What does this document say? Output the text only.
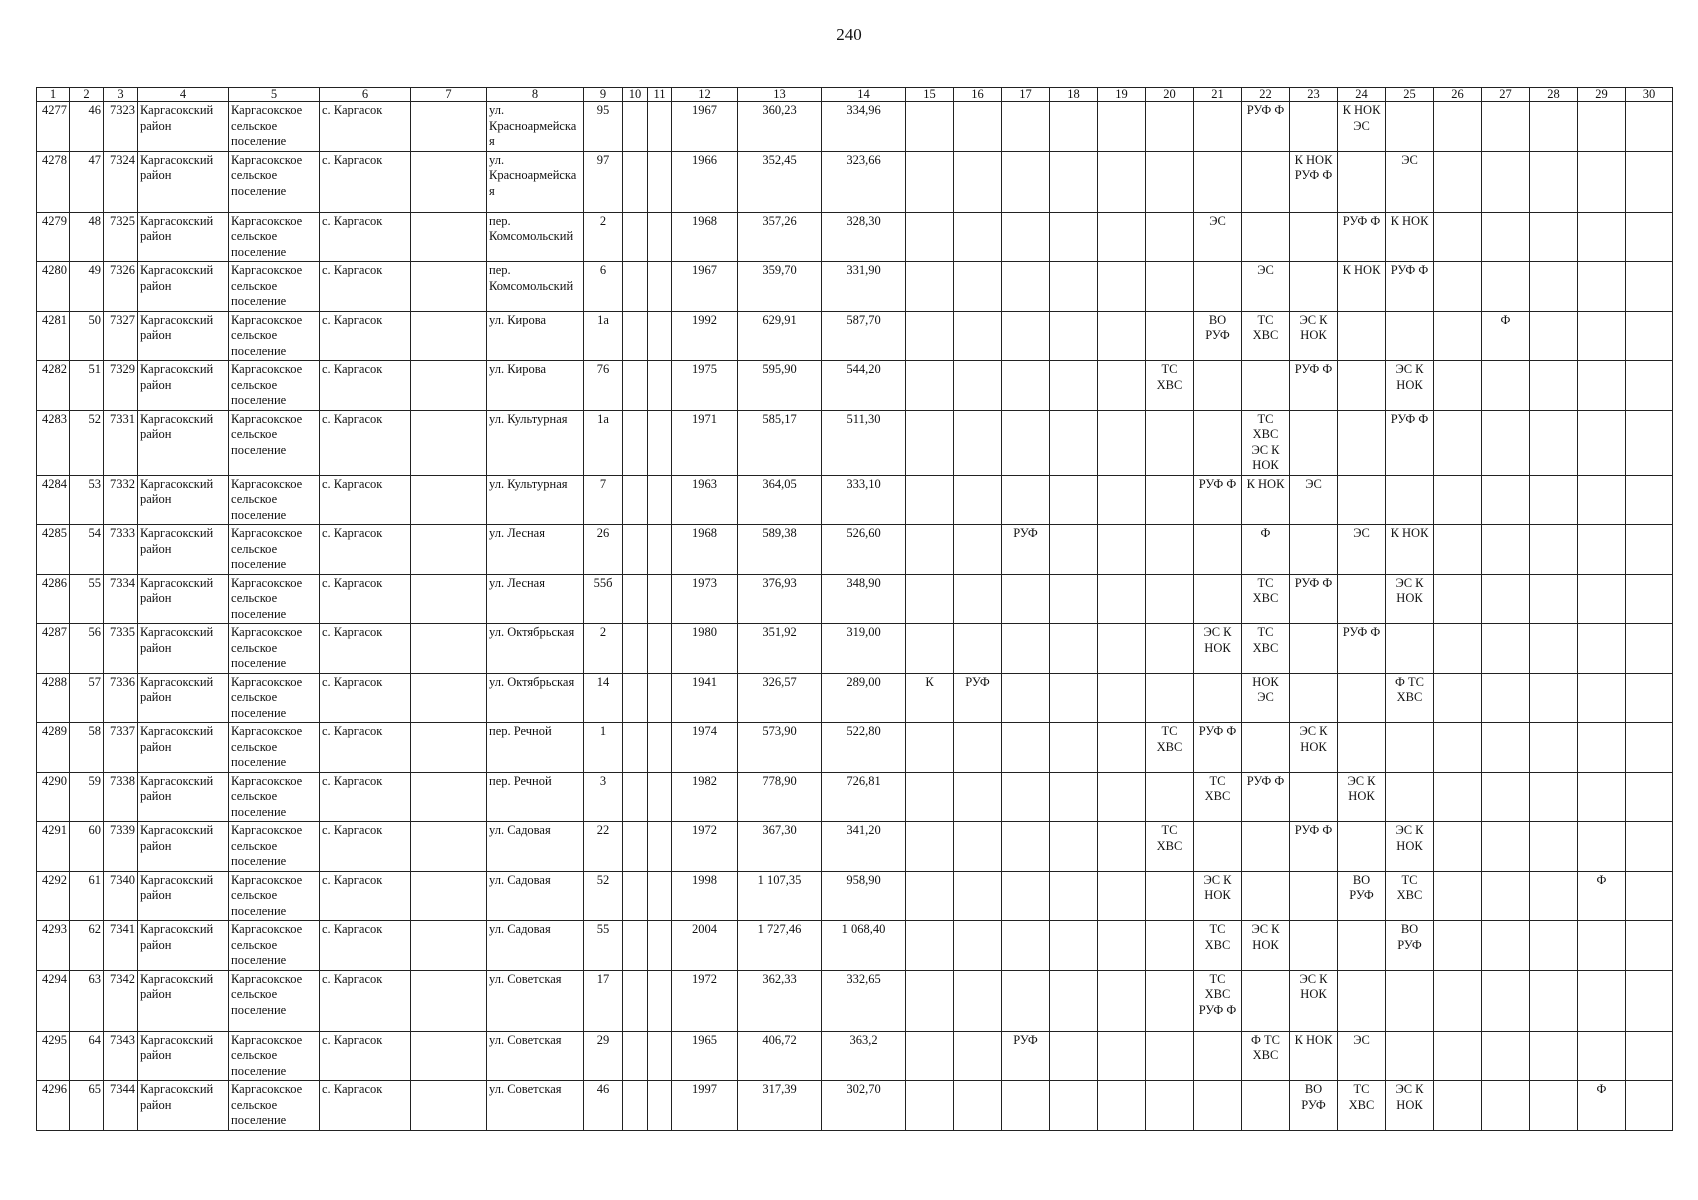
240
1	2	3	4	5	6	7	8	9	10	11	12	13	14	15	16	17	18	19	20	21	22	23	24	25	26	27	28	29	30
4277	46	7323	Каргасокский район	Каргасокское сельское поселение	с. Каргасок		ул. Красноармейская	95			1967	360,23	334,96								РУФ Ф		К НОК ЭС						
4278	47	7324	Каргасокский район	Каргасокское сельское поселение	с. Каргасок		ул. Красноармейская	97			1966	352,45	323,66									К НОК РУФ Ф		ЭС					
4279	48	7325	Каргасокский район	Каргасокское сельское поселение	с. Каргасок		пер. Комсомольский	2			1968	357,26	328,30							ЭС			РУФ Ф	К НОК					
4280	49	7326	Каргасокский район	Каргасокское сельское поселение	с. Каргасок		пер. Комсомольский	6			1967	359,70	331,90								ЭС		К НОК	РУФ Ф					
4281	50	7327	Каргасокский район	Каргасокское сельское поселение	с. Каргасок		ул. Кирова	1а			1992	629,91	587,70							ВО РУФ	ТС ХВС	ЭС К НОК				Ф			
4282	51	7329	Каргасокский район	Каргасокское сельское поселение	с. Каргасок		ул. Кирова	76			1975	595,90	544,20						ТС ХВС			РУФ Ф		ЭС К НОК					
4283	52	7331	Каргасокский район	Каргасокское сельское поселение	с. Каргасок		ул. Культурная	1а			1971	585,17	511,30								ТС ХВС ЭС К НОК			РУФ Ф					
4284	53	7332	Каргасокский район	Каргасокское сельское поселение	с. Каргасок		ул. Культурная	7			1963	364,05	333,10							РУФ Ф	К НОК	ЭС							
4285	54	7333	Каргасокский район	Каргасокское сельское поселение	с. Каргасок		ул. Лесная	26			1968	589,38	526,60			РУФ					Ф		ЭС	К НОК					
4286	55	7334	Каргасокский район	Каргасокское сельское поселение	с. Каргасок		ул. Лесная	55б			1973	376,93	348,90								ТС ХВС	РУФ Ф		ЭС К НОК					
4287	56	7335	Каргасокский район	Каргасокское сельское поселение	с. Каргасок		ул. Октябрьская	2			1980	351,92	319,00							ЭС К НОК	ТС ХВС		РУФ Ф						
4288	57	7336	Каргасокский район	Каргасокское сельское поселение	с. Каргасок		ул. Октябрьская	14			1941	326,57	289,00	К	РУФ						НОК ЭС			Ф ТС ХВС					
4289	58	7337	Каргасокский район	Каргасокское сельское поселение	с. Каргасок		пер. Речной	1			1974	573,90	522,80						ТС ХВС	РУФ Ф		ЭС К НОК							
4290	59	7338	Каргасокский район	Каргасокское сельское поселение	с. Каргасок		пер. Речной	3			1982	778,90	726,81							ТС ХВС	РУФ Ф		ЭС К НОК						
4291	60	7339	Каргасокский район	Каргасокское сельское поселение	с. Каргасок		ул. Садовая	22			1972	367,30	341,20						ТС ХВС			РУФ Ф		ЭС К НОК					
4292	61	7340	Каргасокский район	Каргасокское сельское поселение	с. Каргасок		ул. Садовая	52			1998	1 107,35	958,90							ЭС К НОК			ВО РУФ	ТС ХВС				Ф	
4293	62	7341	Каргасокский район	Каргасокское сельское поселение	с. Каргасок		ул. Садовая	55			2004	1 727,46	1 068,40							ТС ХВС	ЭС К НОК			ВО РУФ					
4294	63	7342	Каргасокский район	Каргасокское сельское поселение	с. Каргасок		ул. Советская	17			1972	362,33	332,65							ТС ХВС РУФ Ф		ЭС К НОК							
4295	64	7343	Каргасокский район	Каргасокское сельское поселение	с. Каргасок		ул. Советская	29			1965	406,72	363,2			РУФ					Ф ТС ХВС	К НОК	ЭС						
4296	65	7344	Каргасокский район	Каргасокское сельское поселение	с. Каргасок		ул. Советская	46			1997	317,39	302,70									ВО РУФ	ТС ХВС	ЭС К НОК				Ф	
